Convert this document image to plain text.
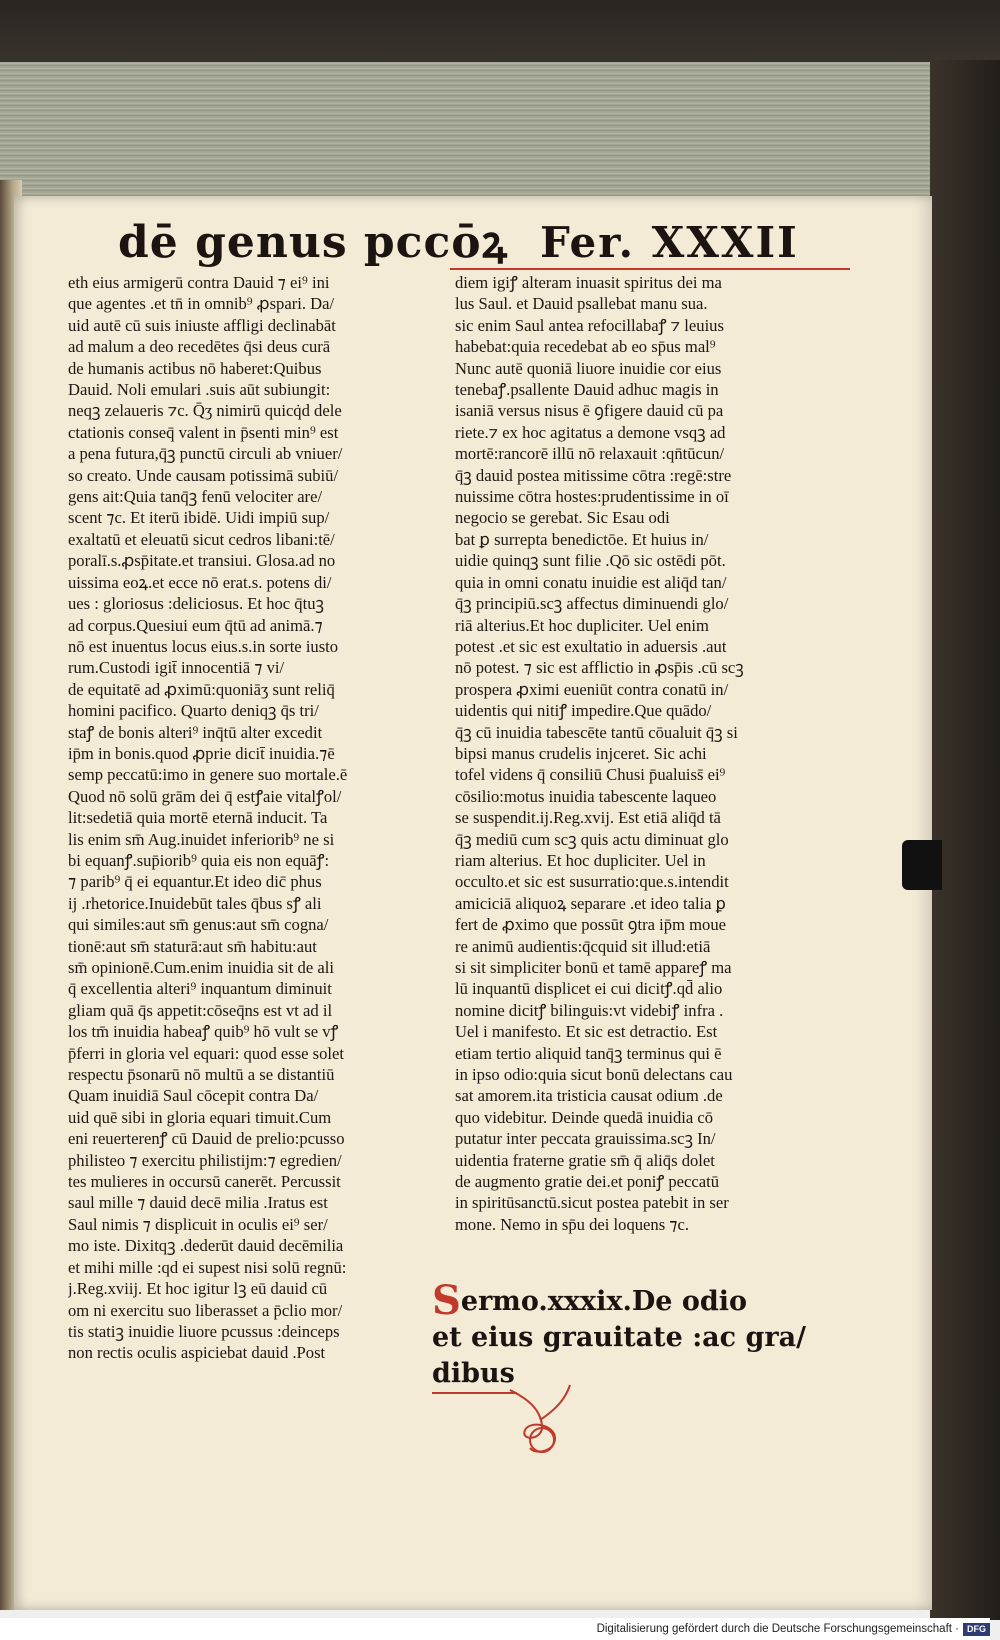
dē genus pccōꝝ Fer. XXXII
eth eius armigerū contra Dauid ⁊ ei⁹ ini
que agentes .et tn̄ in omnib⁹ ꝓspari. Da/
uid autē cū suis iniuste affligi declinabāt
ad malum a deo recedētes q̄si deus curā
de humanis actibus nō haberet:Quibus
Dauid. Noli emulari .suis aūt subiungit:
neqꝫ zelaueris ⁊c. Q̄ʒ nimirū quicq̇d dele
ctationis conseq̄ valent in p̄senti min⁹ est
a pena futura,q̄ꝫ punctū circuli ab vniuer/
so creato. Unde causam potissimā subiū/
gens ait:Quia tanq̄ꝫ fenū velociter are/
scent ⁊c. Et iterū ibidē. Uidi impiū sup/
exaltatū et eleuatū sicut cedros libani:tē/
poralī.s.ꝓsp̄itate.et transiui. Glosa.ad no
uissima eoꝝ.et ecce nō erat.s. potens di/
ues : gloriosus :deliciosus. Et hoc q̄tuꝫ
ad corpus.Quesiui eum q̄tū ad animā.⁊
nō est inuentus locus eius.s.in sorte iusto
rum.Custodi igit̄ innocentiā ⁊ vi/
de equitatē ad ꝓximū:quoniāʒ sunt reliq̄
homini pacifico. Quarto deniqꝫ q̄s tri/
staꝭ de bonis alteri⁹ inq̄tū alter excedit
ip̄m in bonis.quod ꝓprie dicit̄ inuidia.⁊ē
semp peccatū:imo in genere suo mortale.ē
Quod nō solū grām dei q̄ estꝭaie vitalꝭol/
lit:sedetiā quia mortē eternā inducit. Ta
lis enim sm̄ Aug.inuidet inferiorib⁹ ne si
bi equanꝭ.sup̄iorib⁹ quia eis non equāꝭ:
⁊ parib⁹ q̄ ei equantur.Et ideo dic̄ phus
ij .rhetorice.Inuidebūt tales q̄bus sꝭ ali
qui similes:aut sm̄ genus:aut sm̄ cogna/
tionē:aut sm̄ staturā:aut sm̄ habitu:aut
sm̄ opinionē.Cum.enim inuidia sit de ali
q̄ excellentia alteri⁹ inquantum diminuit
gliam quā q̄s appetit:cōseq̄ns est vt ad il
los tm̄ inuidia habeaꝭ quib⁹ hō vult se vꝭ
p̄ferri in gloria vel equari: quod esse solet
respectu p̄sonarū nō multū a se distantiū
Quam inuidiā Saul cōcepit contra Da/
uid quē sibi in gloria equari timuit.Cum
eni reuerterenꝭ cū Dauid de prelio:pcusso
philisteo ⁊ exercitu philistijm:⁊ egredien/
tes mulieres in occursū canerēt. Percussit
saul mille ⁊ dauid decē milia .Iratus est
Saul nimis ⁊ displicuit in oculis ei⁹ ser/
mo iste. Dixitqꝫ .dederūt dauid decēmilia
et mihi mille :qd ei supest nisi solū regnū:
j.Reg.xviij. Et hoc igitur lꝫ eū dauid cū
om ni exercitu suo liberasset a p̄clio mor/
tis statiꝫ inuidie liuore pcussus :deinceps
non rectis oculis aspiciebat dauid .Post
diem igiꝭ alteram inuasit spiritus dei ma
lus Saul. et Dauid psallebat manu sua.
sic enim Saul antea refocillabaꝭ ⁊ leuius
habebat:quia recedebat ab eo sp̄us mal⁹
Nunc autē quoniā liuore inuidie cor eius
tenebaꝭ.psallente Dauid adhuc magis in
isaniā versus nisus ē ꝯfigere dauid cū pa
riete.⁊ ex hoc agitatus a demone vsqꝫ ad
mortē:rancorē illū nō relaxauit :qn̄tūcun/
q̄ꝫ dauid postea mitissime cōtra :regē:stre
nuissime cōtra hostes:prudentissime in oī
negocio se gerebat. Sic Esau odi
bat ꝑ surrepta benedictōe. Et huius in/
uidie quinqꝫ sunt filie .Qō sic ostēdi pōt.
quia in omni conatu inuidie est aliq̄d tan/
q̄ꝫ principiū.scꝫ affectus diminuendi glo/
riā alterius.Et hoc dupliciter. Uel enim
potest .et sic est exultatio in aduersis .aut
nō potest. ⁊ sic est afflictio in ꝓsp̄is .cū scꝫ
prospera ꝓximi eueniūt contra conatū in/
uidentis qui nitiꝭ impedire.Que quādo/
q̄ꝫ cū inuidia tabescēte tantū cōualuit q̄ꝫ si
bipsi manus crudelis injceret. Sic achi
tofel videns q̄ consiliū Chusi p̄ualuiss̄ ei⁹
cōsilio:motus inuidia tabescente laqueo
se suspendit.ij.Reg.xvij. Est etiā aliq̄d tā
q̄ꝫ mediū cum scꝫ quis actu diminuat glo
riam alterius. Et hoc dupliciter. Uel in
occulto.et sic est susurratio:que.s.intendit
amiciciā aliquoꝝ separare .et ideo talia ꝑ
fert de ꝓximo que possūt ꝯtra ip̄m moue
re animū audientis:q̄cquid sit illud:etiā
si sit simpliciter bonū et tamē appareꝭ ma
lū inquantū displicet ei cui dicitꝭ.qd̄ alio
nomine dicitꝭ bilinguis:vt videbiꝭ infra .
Uel i manifesto. Et sic est detractio. Est
etiam tertio aliquid tanq̄ꝫ terminus qui ē
in ipso odio:quia sicut bonū delectans cau
sat amorem.ita tristicia causat odium .de
quo videbitur. Deinde quedā inuidia cō
putatur inter peccata grauissima.scꝫ In/
uidentia fraterne gratie sm̄ q̄ aliq̄s dolet
de augmento gratie dei.et poniꝭ peccatū
in spiritūsanctū.sicut postea patebit in ser
mone. Nemo in sp̄u dei loquens ⁊c.
Sermo.xxxix.De odio
et eius grauitate :ac gra/
dibus
Digitalisierung gefördert durch die Deutsche Forschungsgemeinschaft · DFG
